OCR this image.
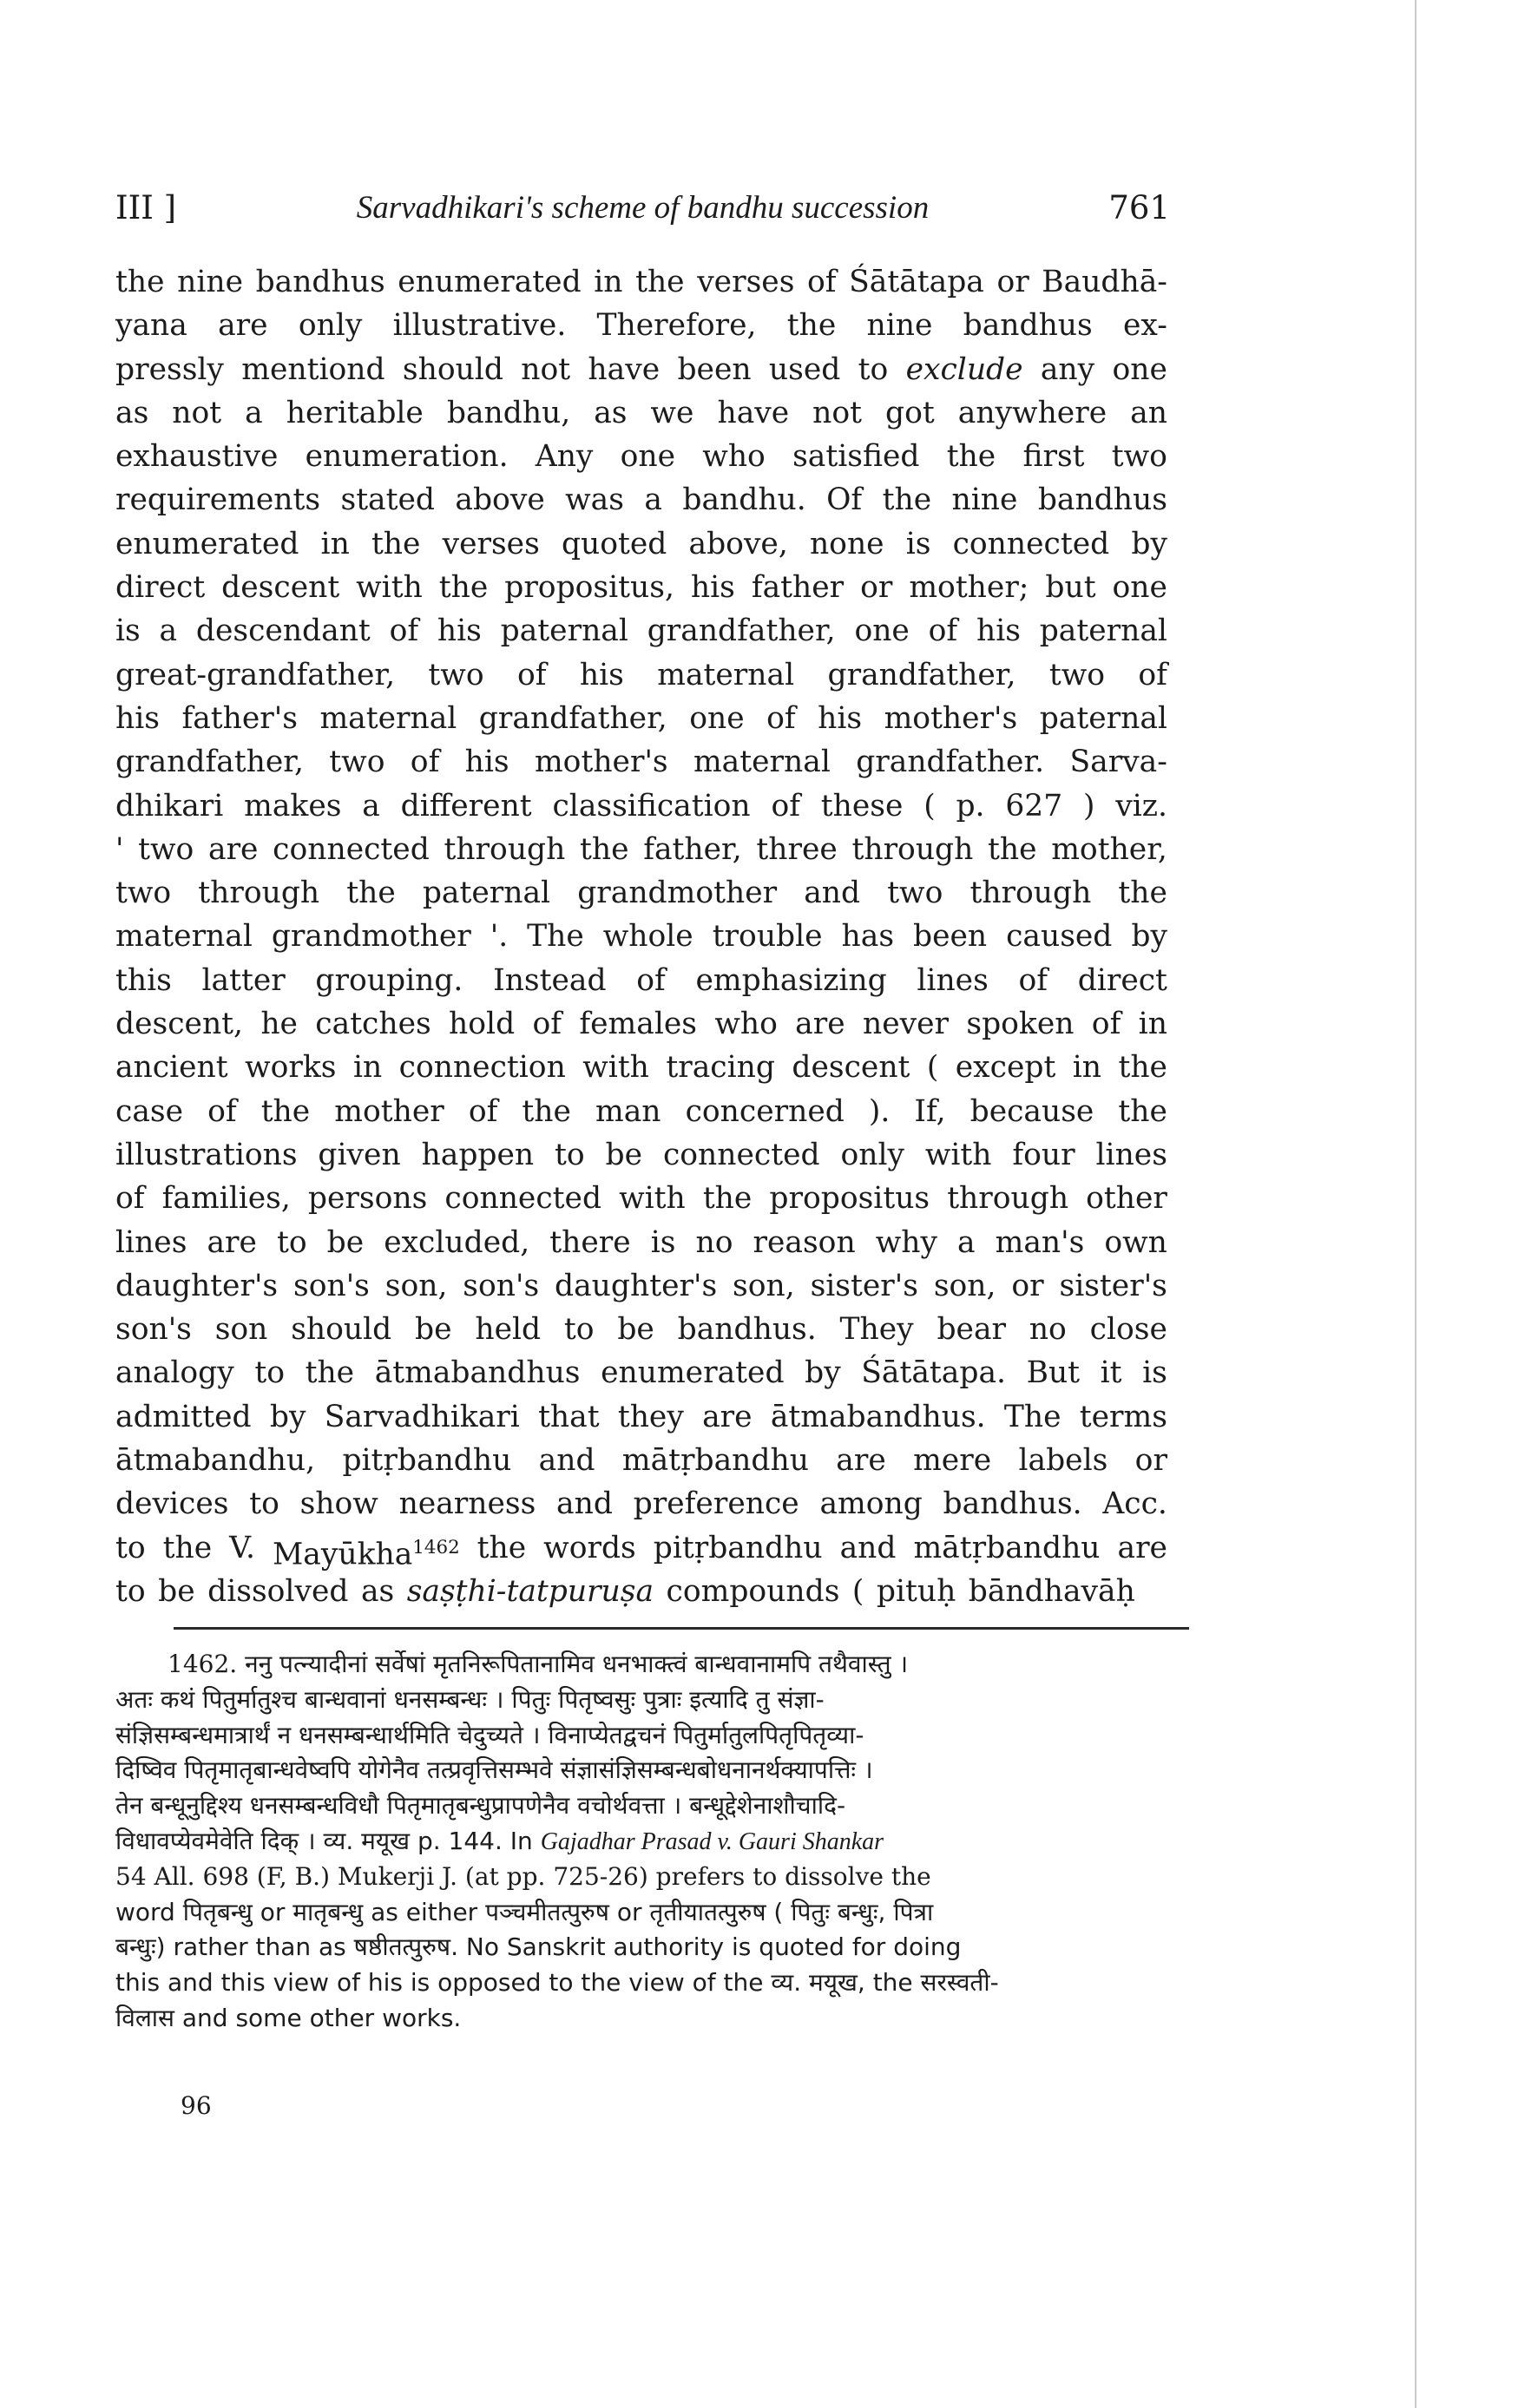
III ]	Sarvadhikari's scheme of bandhu succession	761
the nine bandhus enumerated in the verses of Śātātapa or Baudhā-
yana are only illustrative. Therefore, the nine bandhus ex-
pressly mentiond should not have been used to exclude any one
as not a heritable bandhu, as we have not got anywhere an
exhaustive enumeration. Any one who satisfied the first two
requirements stated above was a bandhu. Of the nine bandhus
enumerated in the verses quoted above, none is connected by
direct descent with the propositus, his father or mother; but one
is a descendant of his paternal grandfather, one of his paternal
great-grandfather, two of his maternal grandfather, two of
his father's maternal grandfather, one of his mother's paternal
grandfather, two of his mother's maternal grandfather. Sarva-
dhikari makes a different classification of these ( p. 627 ) viz.
' two are connected through the father, three through the mother,
two through the paternal grandmother and two through the
maternal grandmother '. The whole trouble has been caused by
this latter grouping. Instead of emphasizing lines of direct
descent, he catches hold of females who are never spoken of in
ancient works in connection with tracing descent ( except in the
case of the mother of the man concerned ). If, because the
illustrations given happen to be connected only with four lines
of families, persons connected with the propositus through other
lines are to be excluded, there is no reason why a man's own
daughter's son's son, son's daughter's son, sister's son, or sister's
son's son should be held to be bandhus. They bear no close
analogy to the ātmabandhus enumerated by Śātātapa. But it is
admitted by Sarvadhikari that they are ātmabandhus. The terms
ātmabandhu, pitṛbandhu and mātṛbandhu are mere labels or
devices to show nearness and preference among bandhus. Acc.
to the V. Mayūkha$^{1462}$ the words pitṛbandhu and mātṛbandhu are
to be dissolved as saṣṭhi-tatpuruṣa compounds ( pituḥ bāndhavāḥ
1462. ननु पत्न्यादीनां सर्वेषां मृतनिरूपितानामिव धनभाक्त्वं बान्धवानामपि तथैवास्तु ।
अतः कथं पितुर्मातुश्च बान्धवानां धनसम्बन्धः । पितुः पितृष्वसुः पुत्राः इत्यादि तु संज्ञा-
संज्ञिसम्बन्धमात्रार्थं न धनसम्बन्धार्थमिति चेदुच्यते । विनाप्येतद्वचनं पितुर्मातुलपितृपितृव्या-
दिष्विव पितृमातृबान्धवेष्वपि योगेनैव तत्प्रवृत्तिसम्भवे संज्ञासंज्ञिसम्बन्धबोधनानर्थक्यापत्तिः ।
तेन बन्धूनुद्दिश्य धनसम्बन्धविधौ पितृमातृबन्धुप्रापणेनैव वचोर्थवत्ता । बन्धूद्देशेनाशौचादि-
विधावप्येवमेवेति दिक् । व्य. मयूख p. 144. In Gajadhar Prasad v. Gauri Shankar
54 All. 698 (F, B.) Mukerji J. (at pp. 725-26) prefers to dissolve the
word पितृबन्धु or मातृबन्धु as either पञ्चमीतत्पुरुष or तृतीयातत्पुरुष ( पितुः बन्धुः, पित्रा
बन्धुः) rather than as षष्ठीतत्पुरुष. No Sanskrit authority is quoted for doing
this and this view of his is opposed to the view of the व्य. मयूख, the सरस्वती-
विलास and some other works.
96
